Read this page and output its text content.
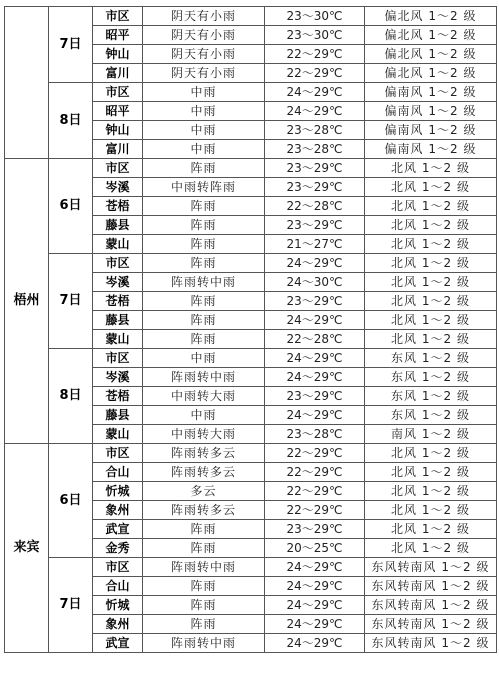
	7日	市区	阴天有小雨	23～30℃	偏北风 1～2 级
		昭平	阴天有小雨	23～30℃	偏北风 1～2 级
		钟山	阴天有小雨	22～29℃	偏北风 1～2 级
		富川	阴天有小雨	22～29℃	偏北风 1～2 级
	8日	市区	中雨	24～29℃	偏南风 1～2 级
		昭平	中雨	24～29℃	偏南风 1～2 级
		钟山	中雨	23～28℃	偏南风 1～2 级
		富川	中雨	23～28℃	偏南风 1～2 级
梧州	6日	市区	阵雨	23～29℃	北风 1～2 级
		岑溪	中雨转阵雨	23～29℃	北风 1～2 级
		苍梧	阵雨	22～28℃	北风 1～2 级
		藤县	阵雨	23～29℃	北风 1～2 级
		蒙山	阵雨	21～27℃	北风 1～2 级
	7日	市区	阵雨	24～29℃	北风 1～2 级
		岑溪	阵雨转中雨	24～30℃	北风 1～2 级
		苍梧	阵雨	23～29℃	北风 1～2 级
		藤县	阵雨	24～29℃	北风 1～2 级
		蒙山	阵雨	22～28℃	北风 1～2 级
	8日	市区	中雨	24～29℃	东风 1～2 级
		岑溪	阵雨转中雨	24～29℃	东风 1～2 级
		苍梧	中雨转大雨	23～29℃	东风 1～2 级
		藤县	中雨	24～29℃	东风 1～2 级
		蒙山	中雨转大雨	23～28℃	南风 1～2 级
来宾	6日	市区	阵雨转多云	22～29℃	北风 1～2 级
		合山	阵雨转多云	22～29℃	北风 1～2 级
		忻城	多云	22～29℃	北风 1～2 级
		象州	阵雨转多云	22～29℃	北风 1～2 级
		武宣	阵雨	23～29℃	北风 1～2 级
		金秀	阵雨	20～25℃	北风 1～2 级
	7日	市区	阵雨转中雨	24～29℃	东风转南风 1～2 级
		合山	阵雨	24～29℃	东风转南风 1～2 级
		忻城	阵雨	24～29℃	东风转南风 1～2 级
		象州	阵雨	24～29℃	东风转南风 1～2 级
		武宣	阵雨转中雨	24～29℃	东风转南风 1～2 级
